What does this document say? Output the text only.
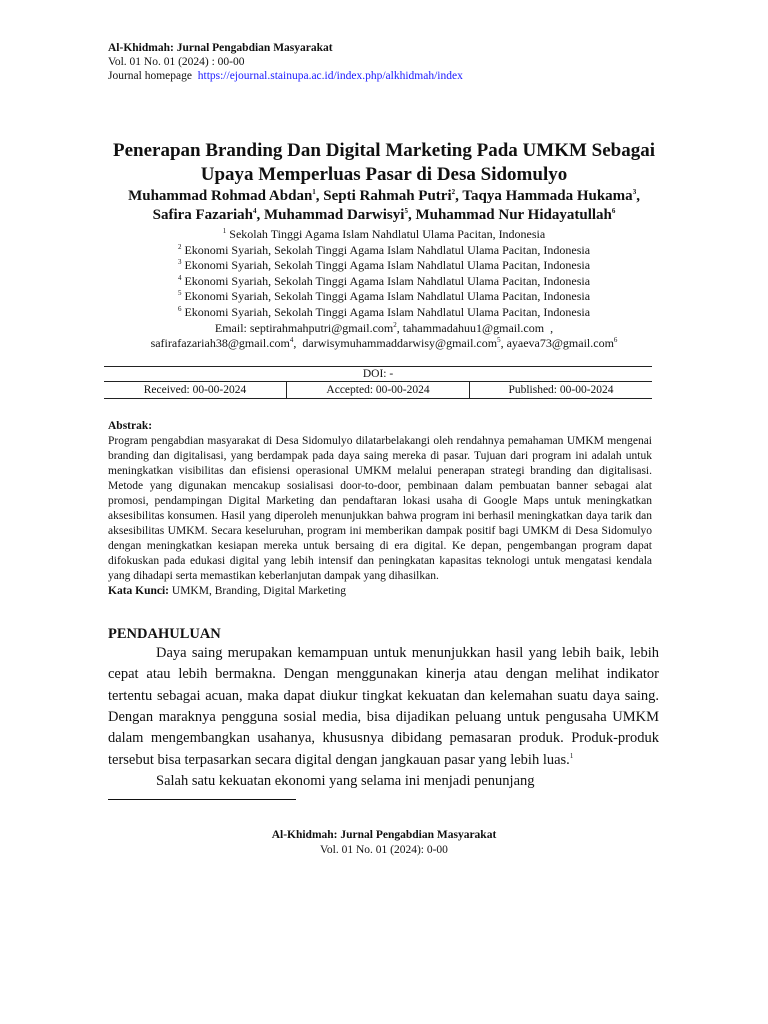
Al-Khidmah: Jurnal Pengabdian Masyarakat
Vol. 01 No. 01 (2024) : 00-00
Journal homepage https://ejournal.stainupa.ac.id/index.php/alkhidmah/index
Penerapan Branding Dan Digital Marketing Pada UMKM Sebagai Upaya Memperluas Pasar di Desa Sidomulyo
Muhammad Rohmad Abdan$^1$, Septi Rahmah Putri$^2$, Taqya Hammada Hukama$^3$, Safira Fazariah$^4$, Muhammad Darwisyi$^5$, Muhammad Nur Hidayatullah$^6$
$^1$ Sekolah Tinggi Agama Islam Nahdlatul Ulama Pacitan, Indonesia
$^2$ Ekonomi Syariah, Sekolah Tinggi Agama Islam Nahdlatul Ulama Pacitan, Indonesia
$^3$ Ekonomi Syariah, Sekolah Tinggi Agama Islam Nahdlatul Ulama Pacitan, Indonesia
$^4$ Ekonomi Syariah, Sekolah Tinggi Agama Islam Nahdlatul Ulama Pacitan, Indonesia
$^5$ Ekonomi Syariah, Sekolah Tinggi Agama Islam Nahdlatul Ulama Pacitan, Indonesia
$^6$ Ekonomi Syariah, Sekolah Tinggi Agama Islam Nahdlatul Ulama Pacitan, Indonesia
Email: septirahmahputri@gmail.com$^2$, tahammadahuu1@gmail.com  ,
safirafazariah38@gmail.com$^4$,  darwisymuhammaddarwisy@gmail.com$^5$, ayaeva73@gmail.com$^6$
DOI: -
Received: 00-00-2024	Accepted: 00-00-2024	Published: 00-00-2024
Abstrak:
Program pengabdian masyarakat di Desa Sidomulyo dilatarbelakangi oleh rendahnya pemahaman UMKM mengenai branding dan digitalisasi, yang berdampak pada daya saing mereka di pasar. Tujuan dari program ini adalah untuk meningkatkan visibilitas dan efisiensi operasional UMKM melalui penerapan strategi branding dan digitalisasi. Metode yang digunakan mencakup sosialisasi door-to-door, pembinaan dalam pembuatan banner sebagai alat promosi, pendampingan Digital Marketing dan pendaftaran lokasi usaha di Google Maps untuk meningkatkan aksesibilitas konsumen. Hasil yang diperoleh menunjukkan bahwa program ini berhasil meningkatkan daya tarik dan aksesibilitas UMKM. Secara keseluruhan, program ini memberikan dampak positif bagi UMKM di Desa Sidomulyo dengan meningkatkan kesiapan mereka untuk bersaing di era digital. Ke depan, pengembangan program dapat difokuskan pada edukasi digital yang lebih intensif dan peningkatan kapasitas teknologi untuk mengatasi kendala yang dihadapi serta memastikan keberlanjutan dampak yang dihasilkan.
Kata Kunci: UMKM, Branding, Digital Marketing
PENDAHULUAN

Daya saing merupakan kemampuan untuk menunjukkan hasil yang lebih baik, lebih cepat atau lebih bermakna. Dengan menggunakan kinerja atau dengan melihat indikator tertentu sebagai acuan, maka dapat diukur tingkat kekuatan dan kelemahan suatu daya saing. Dengan maraknya pengguna sosial media, bisa dijadikan peluang untuk pengusaha UMKM dalam mengembangkan usahanya, khususnya dibidang pemasaran produk. Produk-produk tersebut bisa terpasarkan secara digital dengan jangkauan pasar yang lebih luas.$^1$

Salah satu kekuatan ekonomi yang selama ini menjadi penunjang

Al-Khidmah: Jurnal Pengabdian Masyarakat
Vol. 01 No. 01 (2024): 0-00
